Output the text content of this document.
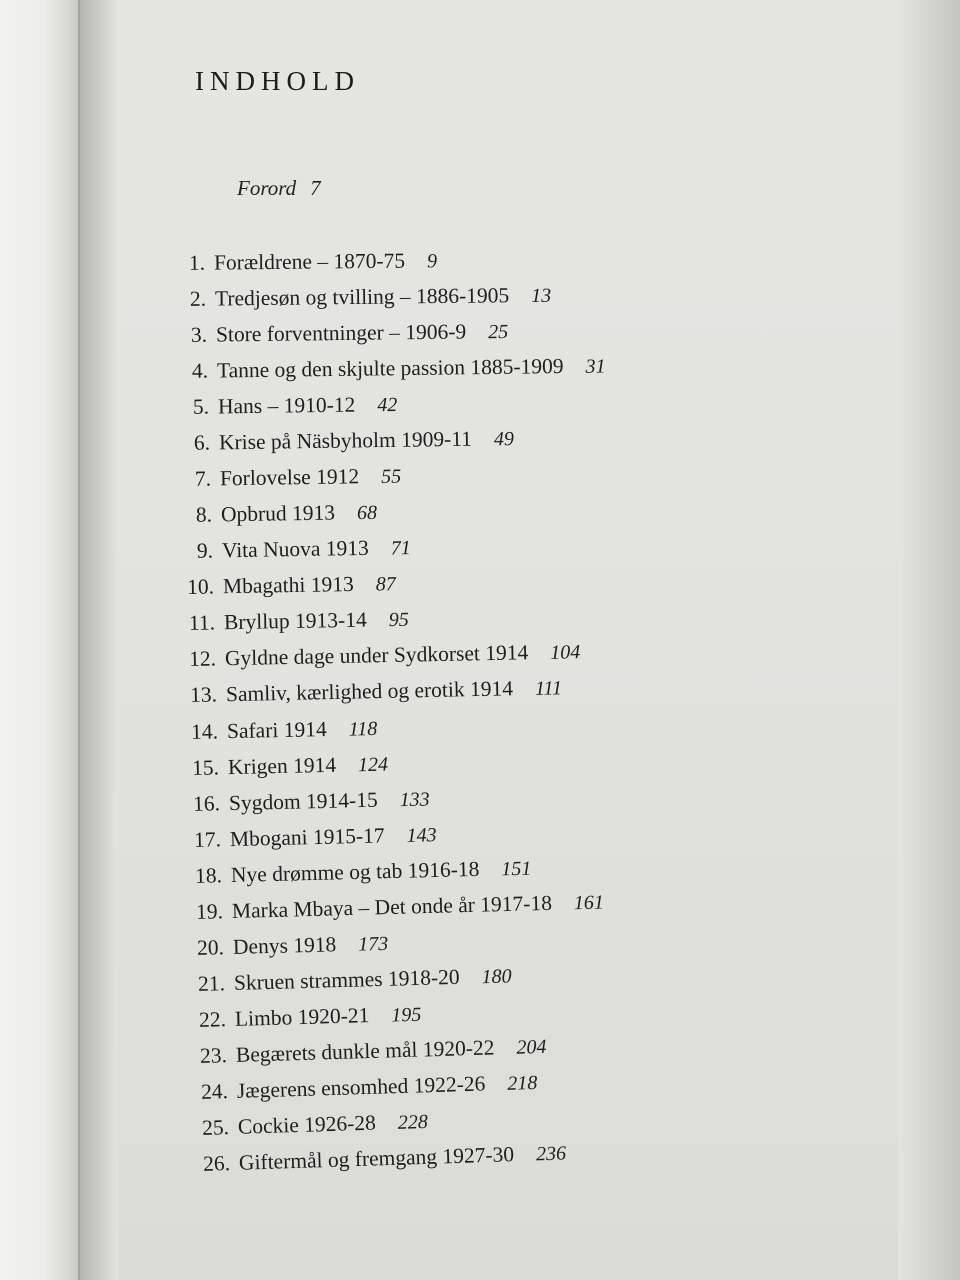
INDHOLD
Forord 7
1. Forældrene – 1870-75 9
2. Tredjesøn og tvilling – 1886-1905 13
3. Store forventninger – 1906-9 25
4. Tanne og den skjulte passion 1885-1909 31
5. Hans – 1910-12 42
6. Krise på Näsbyholm 1909-11 49
7. Forlovelse 1912 55
8. Opbrud 1913 68
9. Vita Nuova 1913 71
10. Mbagathi 1913 87
11. Bryllup 1913-14 95
12. Gyldne dage under Sydkorset 1914 104
13. Samliv, kærlighed og erotik 1914 111
14. Safari 1914 118
15. Krigen 1914 124
16. Sygdom 1914-15 133
17. Mbogani 1915-17 143
18. Nye drømme og tab 1916-18 151
19. Marka Mbaya – Det onde år 1917-18 161
20. Denys 1918 173
21. Skruen strammes 1918-20 180
22. Limbo 1920-21 195
23. Begærets dunkle mål 1920-22 204
24. Jægerens ensomhed 1922-26 218
25. Cockie 1926-28 228
26. Giftermål og fremgang 1927-30 236
